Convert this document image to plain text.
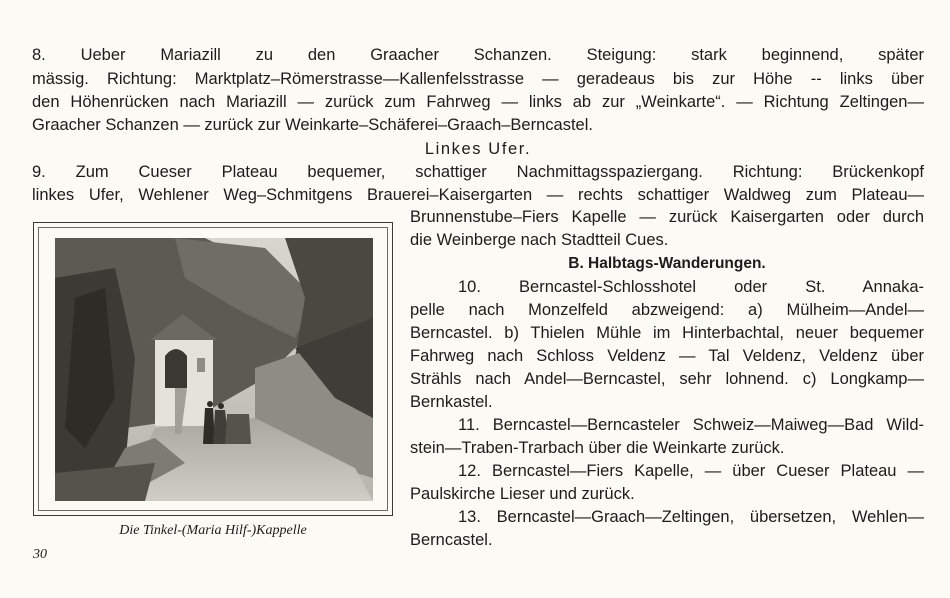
8. Ueber Mariazill zu den Graacher Schanzen. Steigung: stark beginnend, später
mässig. Richtung: Marktplatz–Römerstrasse—Kallenfelsstrasse — geradeaus bis zur Höhe -- links über
den Höhenrücken nach Mariazill — zurück zum Fahrweg — links ab zur „Weinkarte“. — Richtung Zeltingen—
Graacher Schanzen — zurück zur Weinkarte–Schäferei–Graach–Berncastel.
Linkes Ufer.
9. Zum Cueser Plateau bequemer, schattiger Nachmittagsspaziergang. Richtung: Brückenkopf
linkes Ufer, Wehlener Weg–Schmitgens Brauerei–Kaisergarten — rechts schattiger Waldweg zum Plateau—
Brunnenstube–Fiers Kapelle — zurück Kaisergarten oder durch
die Weinberge nach Stadtteil Cues.
B. Halbtags-Wanderungen.
10. Berncastel-Schlosshotel oder St. Annaka-
pelle nach Monzelfeld abzweigend: a) Mülheim—Andel—
Berncastel. b) Thielen Mühle im Hinterbachtal, neuer bequemer
Fahrweg nach Schloss Veldenz — Tal Veldenz, Veldenz über
Strähls nach Andel—Berncastel, sehr lohnend. c) Longkamp—
Bernkastel.
11. Berncastel—Berncasteler Schweiz—Maiweg—Bad Wild-
stein—Traben-Trarbach über die Weinkarte zurück.
12. Berncastel—Fiers Kapelle, — über Cueser Plateau —
Paulskirche Lieser und zurück.
13. Berncastel—Graach—Zeltingen, übersetzen, Wehlen—
Berncastel.
Die Tinkel-(Maria Hilf-)Kappelle
30
